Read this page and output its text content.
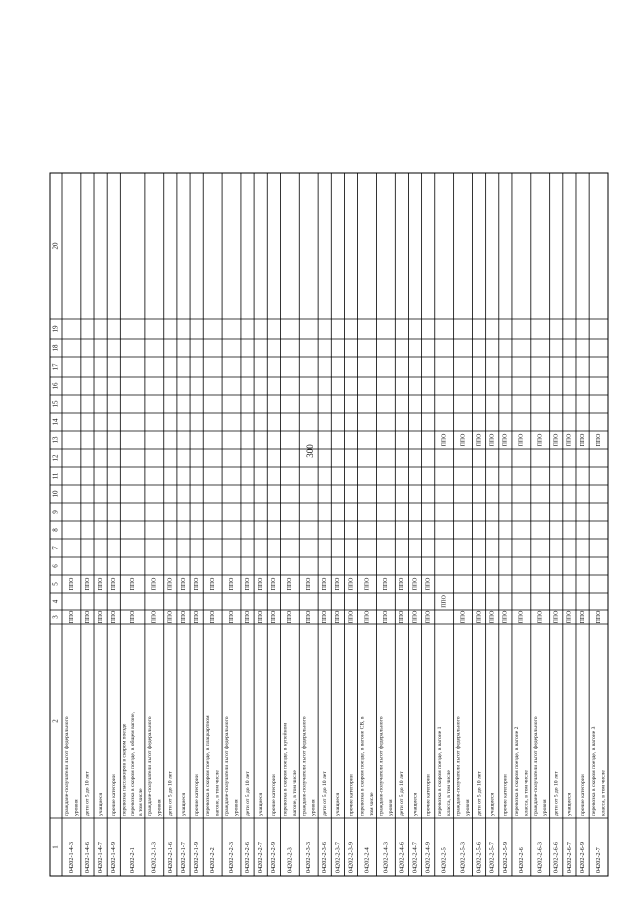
300
1
2
3
4
5
6
7
8
9
10
11
12
13
14
15
16
17
18
19
20
04202-1-4-3
граждане-получатели льгот федерального уровня
ППО
ППО
04202-1-4-6
дети от 5 до 10 лет
ППО
ППО
04202-1-4-7
учащиеся
ППО
ППО
04202-1-4-9
прочие категории
ППО
ППО
04202-2-1
перевозка пассажиров в скором поезде перевозка в скором поезде, в общем вагоне, в том числе
ППО
ППО
04202-2-1-3
граждане-получатели льгот федерального уровня
ППО
ППО
04202-2-1-6
дети от 5 до 10 лет
ППО
ППО
04202-2-1-7
учащиеся
ППО
ППО
04202-2-1-9
прочие категории
ППО
ППО
04202-2-2
перевозка в скором поезде, в плацкартном вагоне, в том числе
ППО
ППО
04202-2-2-3
граждане-получатели льгот федерального уровня
ППО
ППО
04202-2-2-6
дети от 5 до 10 лет
ППО
ППО
04202-2-2-7
учащиеся
ППО
ППО
04202-2-2-9
прочие категории
ППО
ППО
04202-2-3
перевозка в скором поезде, в купейном вагоне, в том числе
ППО
ППО
04202-2-3-3
граждане-получатели льгот федерального уровня
ППО
ППО
04202-2-3-6
дети от 5 до 10 лет
ППО
ППО
04202-2-3-7
учащиеся
ППО
ППО
04202-2-3-9
прочие категории
ППО
ППО
04202-2-4
перевозка в скором поезде, в вагоне СВ, в том числе
ППО
ППО
04202-2-4-3
граждане-получатели льгот федерального уровня
ППО
ППО
04202-2-4-6
дети от 5 до 10 лет
ППО
ППО
04202-2-4-7
учащиеся
ППО
ППО
04202-2-4-9
прочие категории
ППО
ППО
04202-2-5
перевозка в скором поезде, в вагоне 1 класса, в том числе
ППО
ППО
04202-2-5-3
граждане-получатели льгот федерального уровня
ППО
ППО
04202-2-5-6
дети от 5 до 10 лет
ППО
ППО
04202-2-5-7
учащиеся
ППО
ППО
04202-2-5-9
прочие категории
ППО
ППО
04202-2-6
перевозка в скором поезде, в вагоне 2 класса, в том числе
ППО
ППО
04202-2-6-3
граждане-получатели льгот федерального уровня
ППО
ППО
04202-2-6-6
дети от 5 до 10 лет
ППО
ППО
04202-2-6-7
учащиеся
ППО
ППО
04202-2-6-9
прочие категории
ППО
ППО
04202-2-7
перевозка в скором поезде, в вагоне 3 класса, в том числе
ППО
ППО
